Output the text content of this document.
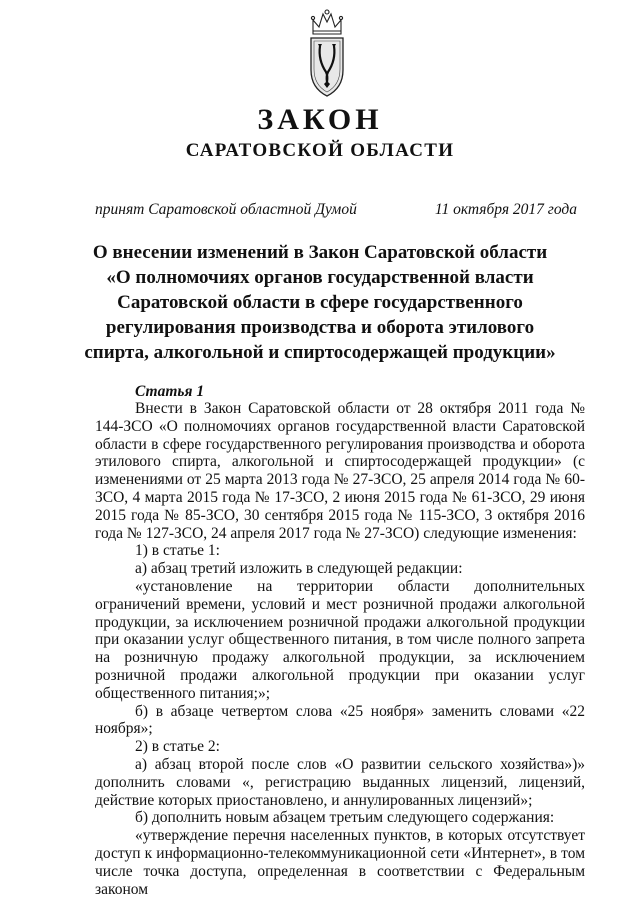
ЗАКОН
САРАТОВСКОЙ ОБЛАСТИ
принят Саратовской областной Думой	11 октября 2017 года
О внесении изменений в Закон Саратовской области
«О полномочиях органов государственной власти
Саратовской области в сфере государственного
регулирования производства и оборота этилового
спирта, алкогольной и спиртосодержащей продукции»
Статья 1

Внести в Закон Саратовской области от 28 октября 2011 года № 144-ЗСО «О полномочиях органов государственной власти Саратовской области в сфере государственного регулирования производства и оборота этилового спирта, алкогольной и спиртосодержащей продукции» (с изменениями от 25 марта 2013 года № 27-ЗСО, 25 апреля 2014 года № 60-ЗСО, 4 марта 2015 года № 17-ЗСО, 2 июня 2015 года № 61-ЗСО, 29 июня 2015 года № 85-ЗСО, 30 сентября 2015 года № 115-ЗСО, 3 октября 2016 года № 127-ЗСО, 24 апреля 2017 года № 27-ЗСО) следующие изменения:

1) в статье 1:

а) абзац третий изложить в следующей редакции:

«установление на территории области дополнительных ограничений времени, условий и мест розничной продажи алкогольной продукции, за исключением розничной продажи алкогольной продукции при оказании услуг общественного питания, в том числе полного запрета на розничную продажу алкогольной продукции, за исключением розничной продажи алкогольной продукции при оказании услуг общественного питания;»;

б) в абзаце четвертом слова «25 ноября» заменить словами «22 ноября»;

2) в статье 2:

а) абзац второй после слов «О развитии сельского хозяйства»)» дополнить словами «, регистрацию выданных лицензий, лицензий, действие которых приостановлено, и аннулированных лицензий»;

б) дополнить новым абзацем третьим следующего содержания:

«утверждение перечня населенных пунктов, в которых отсутствует доступ к информационно-телекоммуникационной сети «Интернет», в том числе точка доступа, определенная в соответствии с Федеральным законом
